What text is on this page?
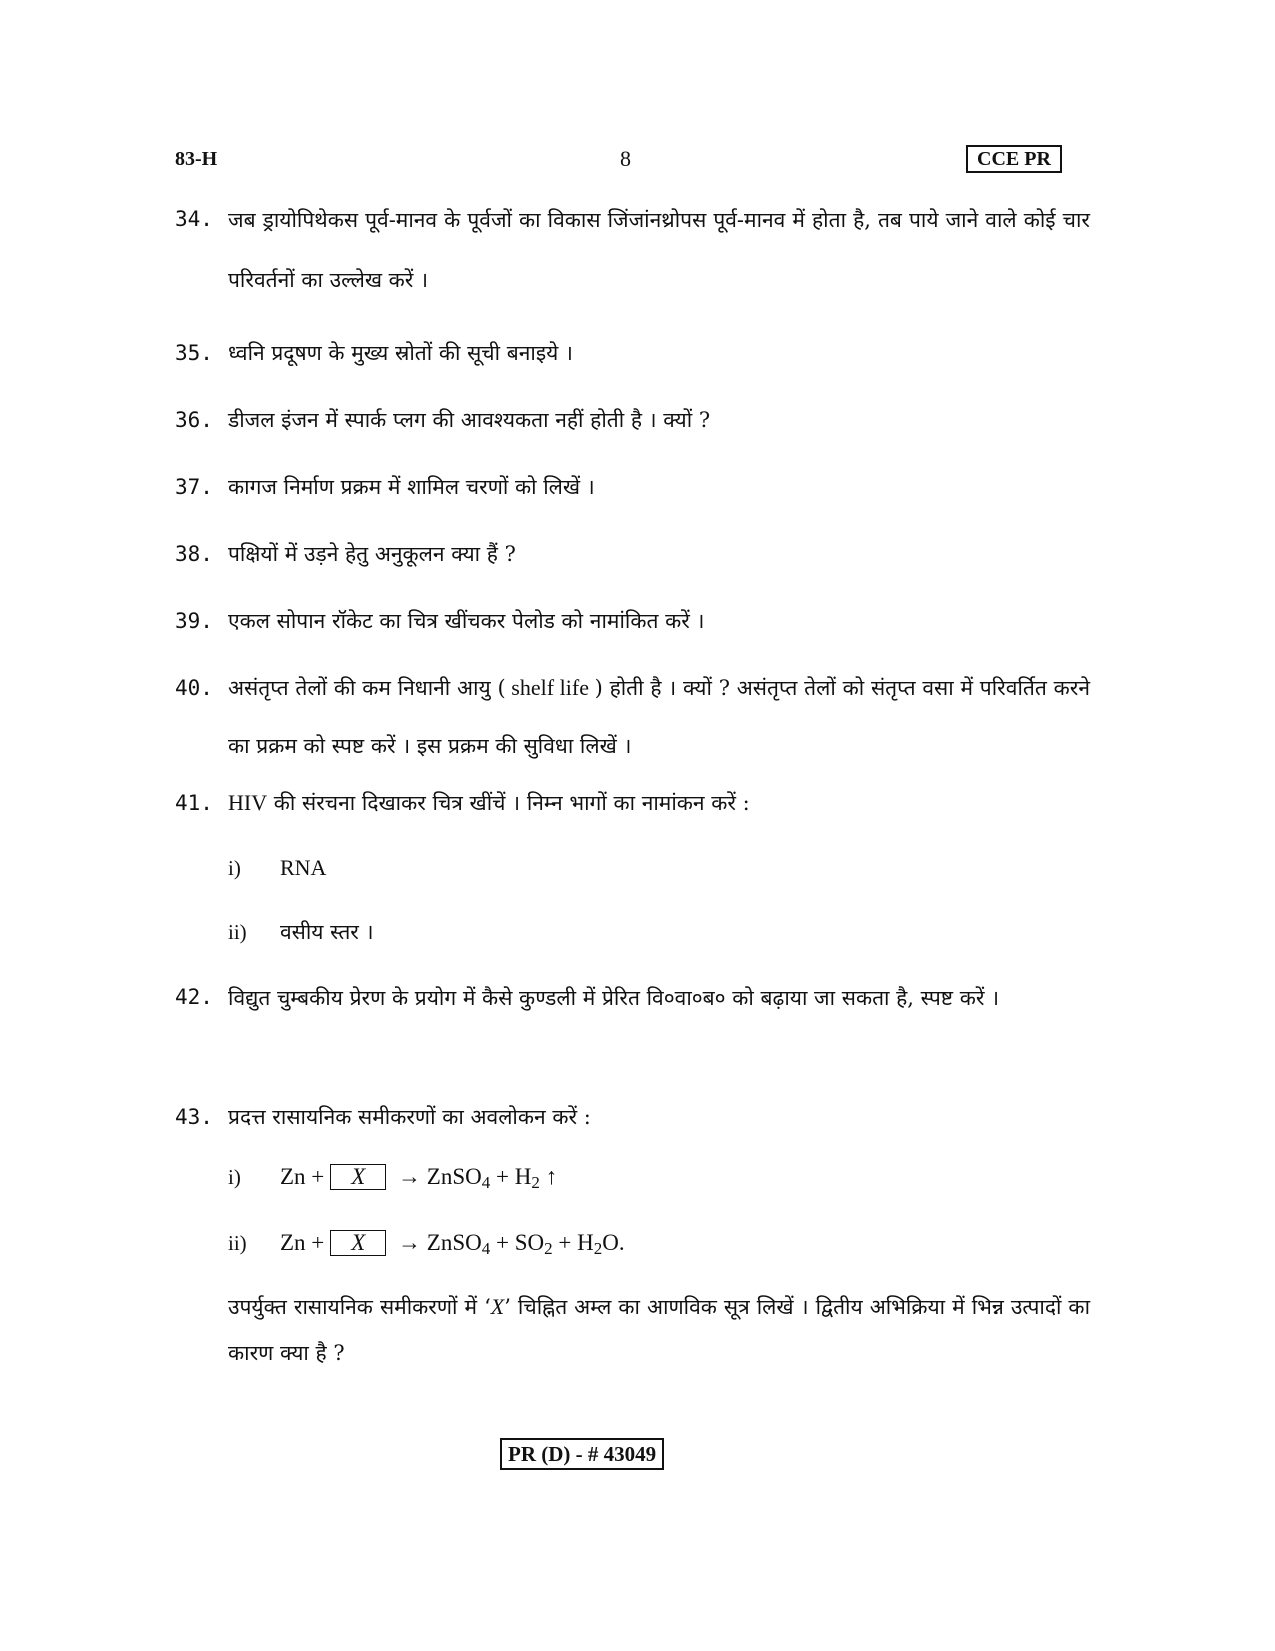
83-H	8	CCE PR
34. जब ड्रायोपिथेकस पूर्व-मानव के पूर्वजों का विकास जिंजांनथ्रोपस पूर्व-मानव में होता है, तब पाये जाने वाले कोई चार परिवर्तनों का उल्लेख करें ।
35. ध्वनि प्रदूषण के मुख्य स्रोतों की सूची बनाइये ।
36. डीजल इंजन में स्पार्क प्लग की आवश्यकता नहीं होती है । क्यों ?
37. कागज निर्माण प्रक्रम में शामिल चरणों को लिखें ।
38. पक्षियों में उड़ने हेतु अनुकूलन क्या हैं ?
39. एकल सोपान रॉकेट का चित्र खींचकर पेलोड को नामांकित करें ।
40. असंतृप्त तेलों की कम निधानी आयु ( shelf life ) होती है । क्यों ? असंतृप्त तेलों को संतृप्त वसा में परिवर्तित करने का प्रक्रम को स्पष्ट करें । इस प्रक्रम की सुविधा लिखें ।
41. HIV की संरचना दिखाकर चित्र खींचें । निम्न भागों का नामांकन करें :
i) RNA
ii) वसीय स्तर ।
42. विद्युत चुम्बकीय प्रेरण के प्रयोग में कैसे कुण्डली में प्रेरित वि०वा०ब० को बढ़ाया जा सकता है, स्पष्ट करें ।
43. प्रदत्त रासायनिक समीकरणों का अवलोकन करें :
i) Zn + X → ZnSO$_4$ + $H_2$ ↑
ii) Zn + X → ZnSO$_4$ + $SO_2 + H_2O$.
उपर्युक्त रासायनिक समीकरणों में ‘X’ चिह्नित अम्ल का आणविक सूत्र लिखें । द्वितीय अभिक्रिया में भिन्न उत्पादों का कारण क्या है ?
PR (D) - # 43049
